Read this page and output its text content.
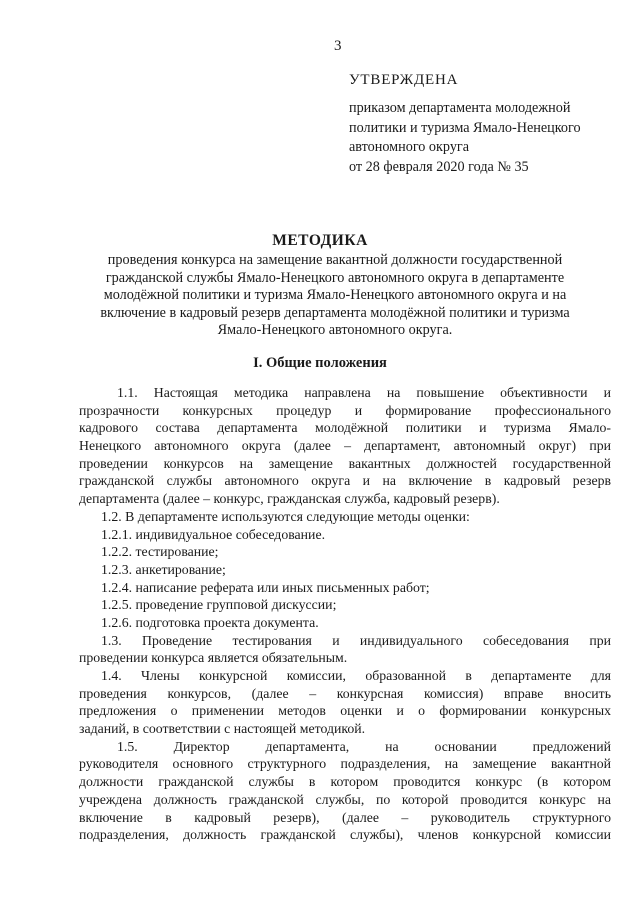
3
УТВЕРЖДЕНА
приказом департамента молодежной
политики и туризма Ямало-Ненецкого
автономного округа
от 28 февраля 2020 года № 35
МЕТОДИКА
проведения конкурса на замещение вакантной должности государственной
гражданской службы Ямало-Ненецкого автономного округа в департаменте
молодёжной политики и туризма Ямало-Ненецкого автономного округа и на
включение в кадровый резерв департамента молодёжной политики и туризма
Ямало-Ненецкого автономного округа.
I. Общие положения
1.1. Настоящая методика направлена на повышение объективности и
прозрачности конкурсных процедур и формирование профессионального
кадрового состава департамента молодёжной политики и туризма Ямало-
Ненецкого автономного округа (далее – департамент, автономный округ) при
проведении конкурсов на замещение вакантных должностей государственной
гражданской службы автономного округа и на включение в кадровый резерв
департамента (далее – конкурс, гражданская служба, кадровый резерв).
1.2. В департаменте используются следующие методы оценки:
1.2.1. индивидуальное собеседование.
1.2.2. тестирование;
1.2.3. анкетирование;
1.2.4. написание реферата или иных письменных работ;
1.2.5. проведение групповой дискуссии;
1.2.6. подготовка проекта документа.
1.3. Проведение тестирования и индивидуального собеседования при
проведении конкурса является обязательным.
1.4. Члены конкурсной комиссии, образованной в департаменте для
проведения конкурсов, (далее – конкурсная комиссия) вправе вносить
предложения о применении методов оценки и о формировании конкурсных
заданий, в соответствии с настоящей методикой.
1.5. Директор департамента, на основании предложений
руководителя основного структурного подразделения, на замещение вакантной
должности гражданской службы в котором проводится конкурс (в котором
учреждена должность гражданской службы, по которой проводится конкурс на
включение в кадровый резерв), (далее – руководитель структурного
подразделения, должность гражданской службы), членов конкурсной комиссии
